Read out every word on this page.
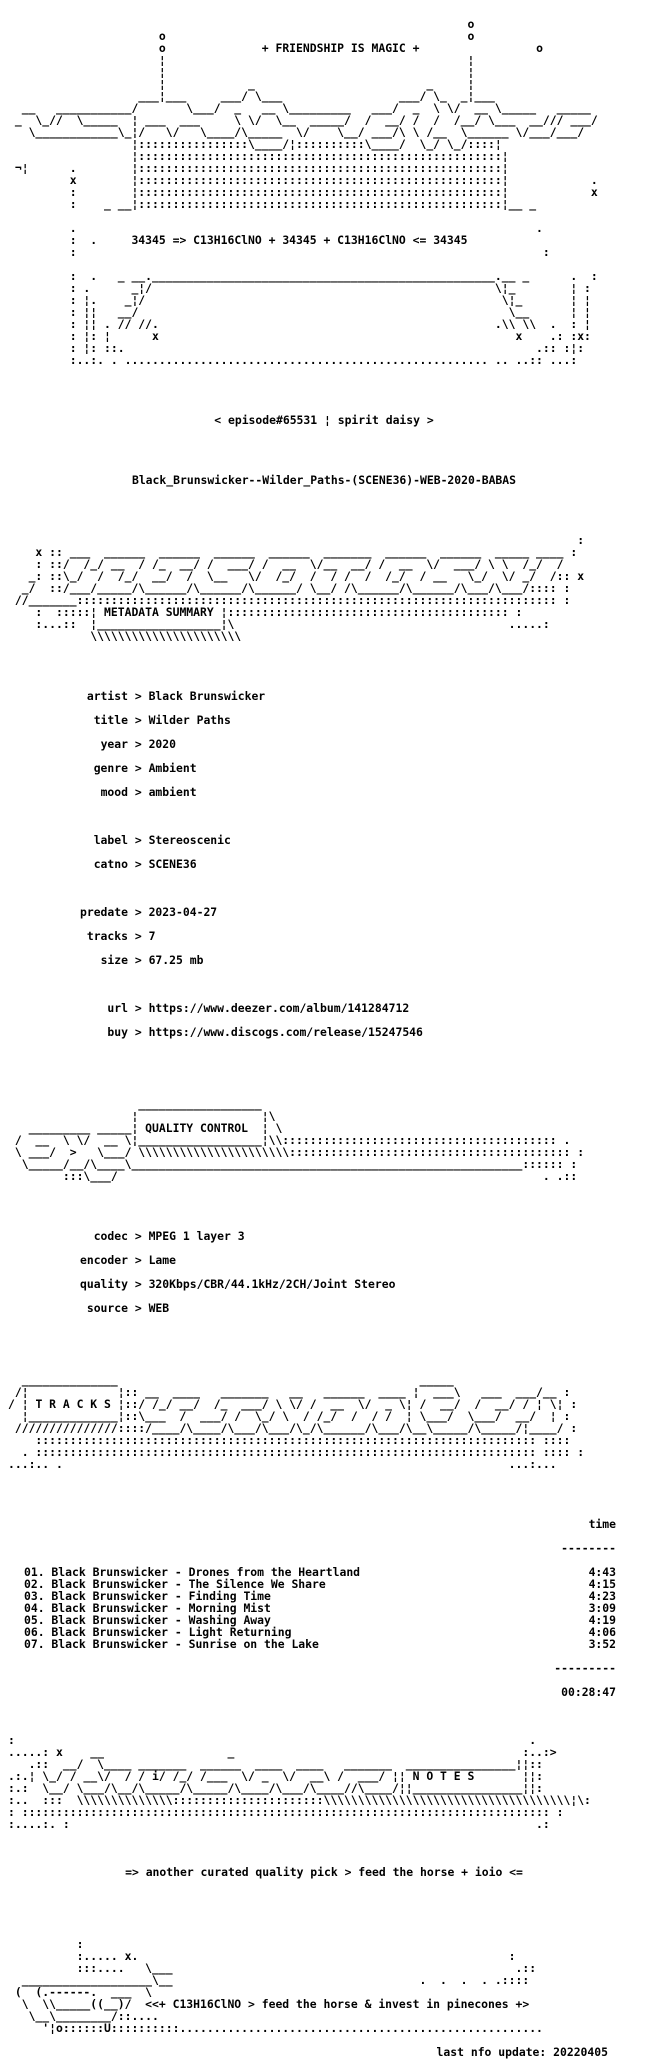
o
o                                            o
o	+ FRIENDSHIP IS MAGIC +	o
¦                                            ¦
¦                                            ¦
¦            _                         _     ¦
___¦___     ___/ \___                 ___/ \_  _¦___
__   ___________/       \___/  _   __ \_________   ___/  _  \ \/  __ \_____   _____
_  \_//  \_____  ¦ ___  ___     \ \/  \__  _____/  /  __/ /  /  /__/ \___  __/// ___/
\____________\_¦/   \/   \____/\_____  \/    \__/ ___/\ \ /__  \______ \/___/___/
¦::::::::::::::::\____/¦::::::::::\____/  \_/ \_/::::¦
¦:::::::::::::::::::::::::::::::::::::::::::::::::::::¦
¬¦      .        ¦:::::::::::::::::::::::::::::::::::::::::::::::::::::¦
x        ¦:::::::::::::::::::::::::::::::::::::::::::::::::::::¦            .
:        ¦:::::::::::::::::::::::::::::::::::::::::::::::::::::¦            x
:    _ __¦:::::::::::::::::::::::::::::::::::::::::::::::::::::¦__ _

.                                                                   .
:  .	34345 => C13H16ClNO + 34345 + C13H16ClNO <= 34345
:                                                                    :

:  .   _ __.__________________________________________________.__ _      .  :
: .      _¦/                                                  \¦_        ¦ :
: ¦.    _¦/                                                    \¦_       ¦ ¦
: ¦¦   __/                                                      \__      ¦ ¦
: ¦¦ . // //.                                                 .\\ \\  .  : ¦
: ¦: ¦      x                                                    x    .: :x:
: ¦: ::.                                                            .:: :¦:
:..:. . ..................................................... .. ..:: ...:

< episode#65531 ¦ spirit daisy >

Black_Brunswicker--Wilder_Paths-(SCENE36)-WEB-2020-BABAS

:
x :: ___  ______  ______  ______  ______  _______  ______  ______  _____ ____ :
: ::/  /_/ __  / /_  __/ /  ___/ /  __  \/__  __/ /  __  \/  ___/ \ \  /_/  /
_: ::\_/  /  /_/  __/  /  \__   \/  /_/  /  / /  /  /_/  / __   \_/  \/ _/  /:: x
_/  ::/___/_____/\______/\______/\______/ \__/ /\______/\______/\___/\___/:::: :
//_______:::::::::::::::::::::::::::::::::::::::::::::::::::::::::::::::::::::: :
:  :::::¦ METADATA SUMMARY ¦::::::::::::::::::::::::::::::::::::::::: :
:...::  ¦__________________¦\                                        .....:
\\\\\\\\\\\\\\\\\\\\\\

artist > Black Brunswicker

title > Wilder Paths

year > 2020

genre > Ambient

mood > ambient

label > Stereoscenic

catno > SCENE36

predate > 2023-04-27

tracks > 7

size > 67.25 mb

url > https://www.deezer.com/album/141284712

buy > https://www.discogs.com/release/15247546

__________________
¦                  ¦\
_________ _____¦ QUALITY CONTROL  ¦ \
/  __  \ \/  __ \¦__________________¦\\:::::::::::::::::::::::::::::::::::::::: .
\ ___/  >   \___/ \\\\\\\\\\\\\\\\\\\\\\::::::::::::::::::::::::::::::::::::::::: :
\_____/__/\____\_________________________________________________________:::::: :
:::\___/                                                              . .::

codec > MPEG 1 layer 3

encoder > Lame

quality > 320Kbps/CBR/44.1kHz/2CH/Joint Stereo

source > WEB

______________                                            _____
/¦             ¦:: __  ____   _______   __   ______  ____ ¦  ___\   ___  ___/__ :
/ ¦ T R A C K S ¦::/ /_/ __/  /_  ___/ \ \/ /  __  \/  _ \¦ /  __/  /  __/ / ¦ \¦ :
¦_____________¦::\___  /  ___/ /  \_/ \  / /_/  /  / /  ¦ \___/  \___/  __/  ¦ :
///////////////::::/____/\____/\___/\___/\_/\______/\___/\__\_____/\_____/¦____/ :
::::::::::::::::::::::::::::::::::::::::::::::::::::::::::::::::::::::::: ::::
. ::::::::::::::::::::::::::::::::::::::::::::::::::::::::::::::::::::::::: :::: :
...:.. .                                                                 ...:...

time

--------

01. Black Brunswicker - Drones from the Heartland	4:43
02. Black Brunswicker - The Silence We Share	4:15
03. Black Brunswicker - Finding Time	4:23
04. Black Brunswicker - Morning Mist	3:09
05. Black Brunswicker - Washing Away	4:19
06. Black Brunswicker - Light Returning	4:06
07. Black Brunswicker - Sunrise on the Lake	3:52

---------

00:28:47

:                                                                           .
.....: x    __                  _                                          :..:>
.::  __/  \____ _______  ______  ____  ____   _______  ________________¦¦::
.:.¦ \_/ / __\/  / / i/ /_/ /___  \/ _  \/  __\ /  ___/ ¦¦ N O T E S	¦¦:
:.:  \__/ \___/\__/\_____/\_____/\____/\___/\____//\____/¦¦________________¦¦:
:..  :::  \\\\\\\\\\\\\\::::::::::::::::::::::\\\\\\\\\\\\\\\\\\\\\\\\\\\\\\\\\\\\¦\:
: ::::::::::::::::::::::::::::::::::::::::::::::::::::::::::::::::::::::::::::: :
:....:. :                                                                    .:

=> another curated quality pick > feed the horse + ioio <=

:
:..... x.                                                      :
:::....   \___                                                  .::
___________________\__                                    .  .  .  . .::::
(  (.------.  ___  \
\  \\_____((__)/  <<+ C13H16ClNO > feed the horse & invest in pinecones +>
\__\________/::....
'¦o::::::U::::::::::.....................................................

last nfo update: 20220405
